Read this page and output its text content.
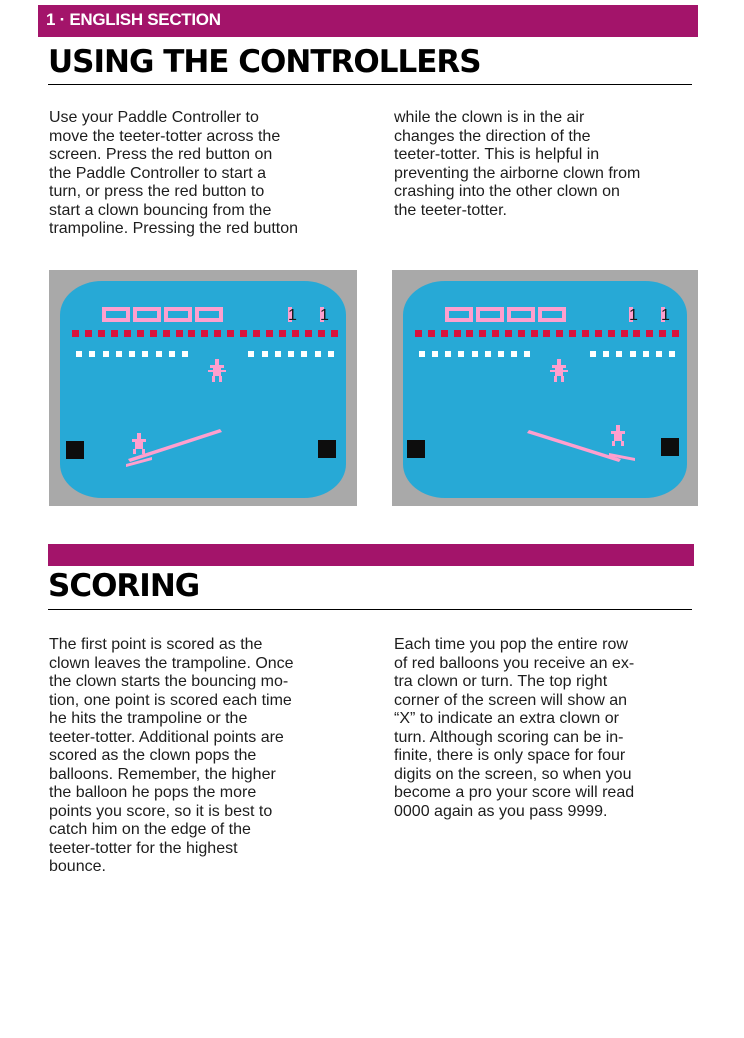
1 · ENGLISH SECTION
USING THE CONTROLLERS
Use your Paddle Controller to
move the teeter-totter across the
screen. Press the red button on
the Paddle Controller to start a
turn, or press the red button to
start a clown bouncing from the
trampoline. Pressing the red button
while the clown is in the air
changes the direction of the
teeter-totter. This is helpful in
preventing the airborne clown from
crashing into the other clown on
the teeter-totter.
1 1	1 1
SCORING
The first point is scored as the
clown leaves the trampoline. Once
the clown starts the bouncing mo-
tion, one point is scored each time
he hits the trampoline or the
teeter-totter. Additional points are
scored as the clown pops the
balloons. Remember, the higher
the balloon he pops the more
points you score, so it is best to
catch him on the edge of the
teeter-totter for the highest
bounce.
Each time you pop the entire row
of red balloons you receive an ex-
tra clown or turn. The top right
corner of the screen will show an
“X” to indicate an extra clown or
turn. Although scoring can be in-
finite, there is only space for four
digits on the screen, so when you
become a pro your score will read
0000 again as you pass 9999.
